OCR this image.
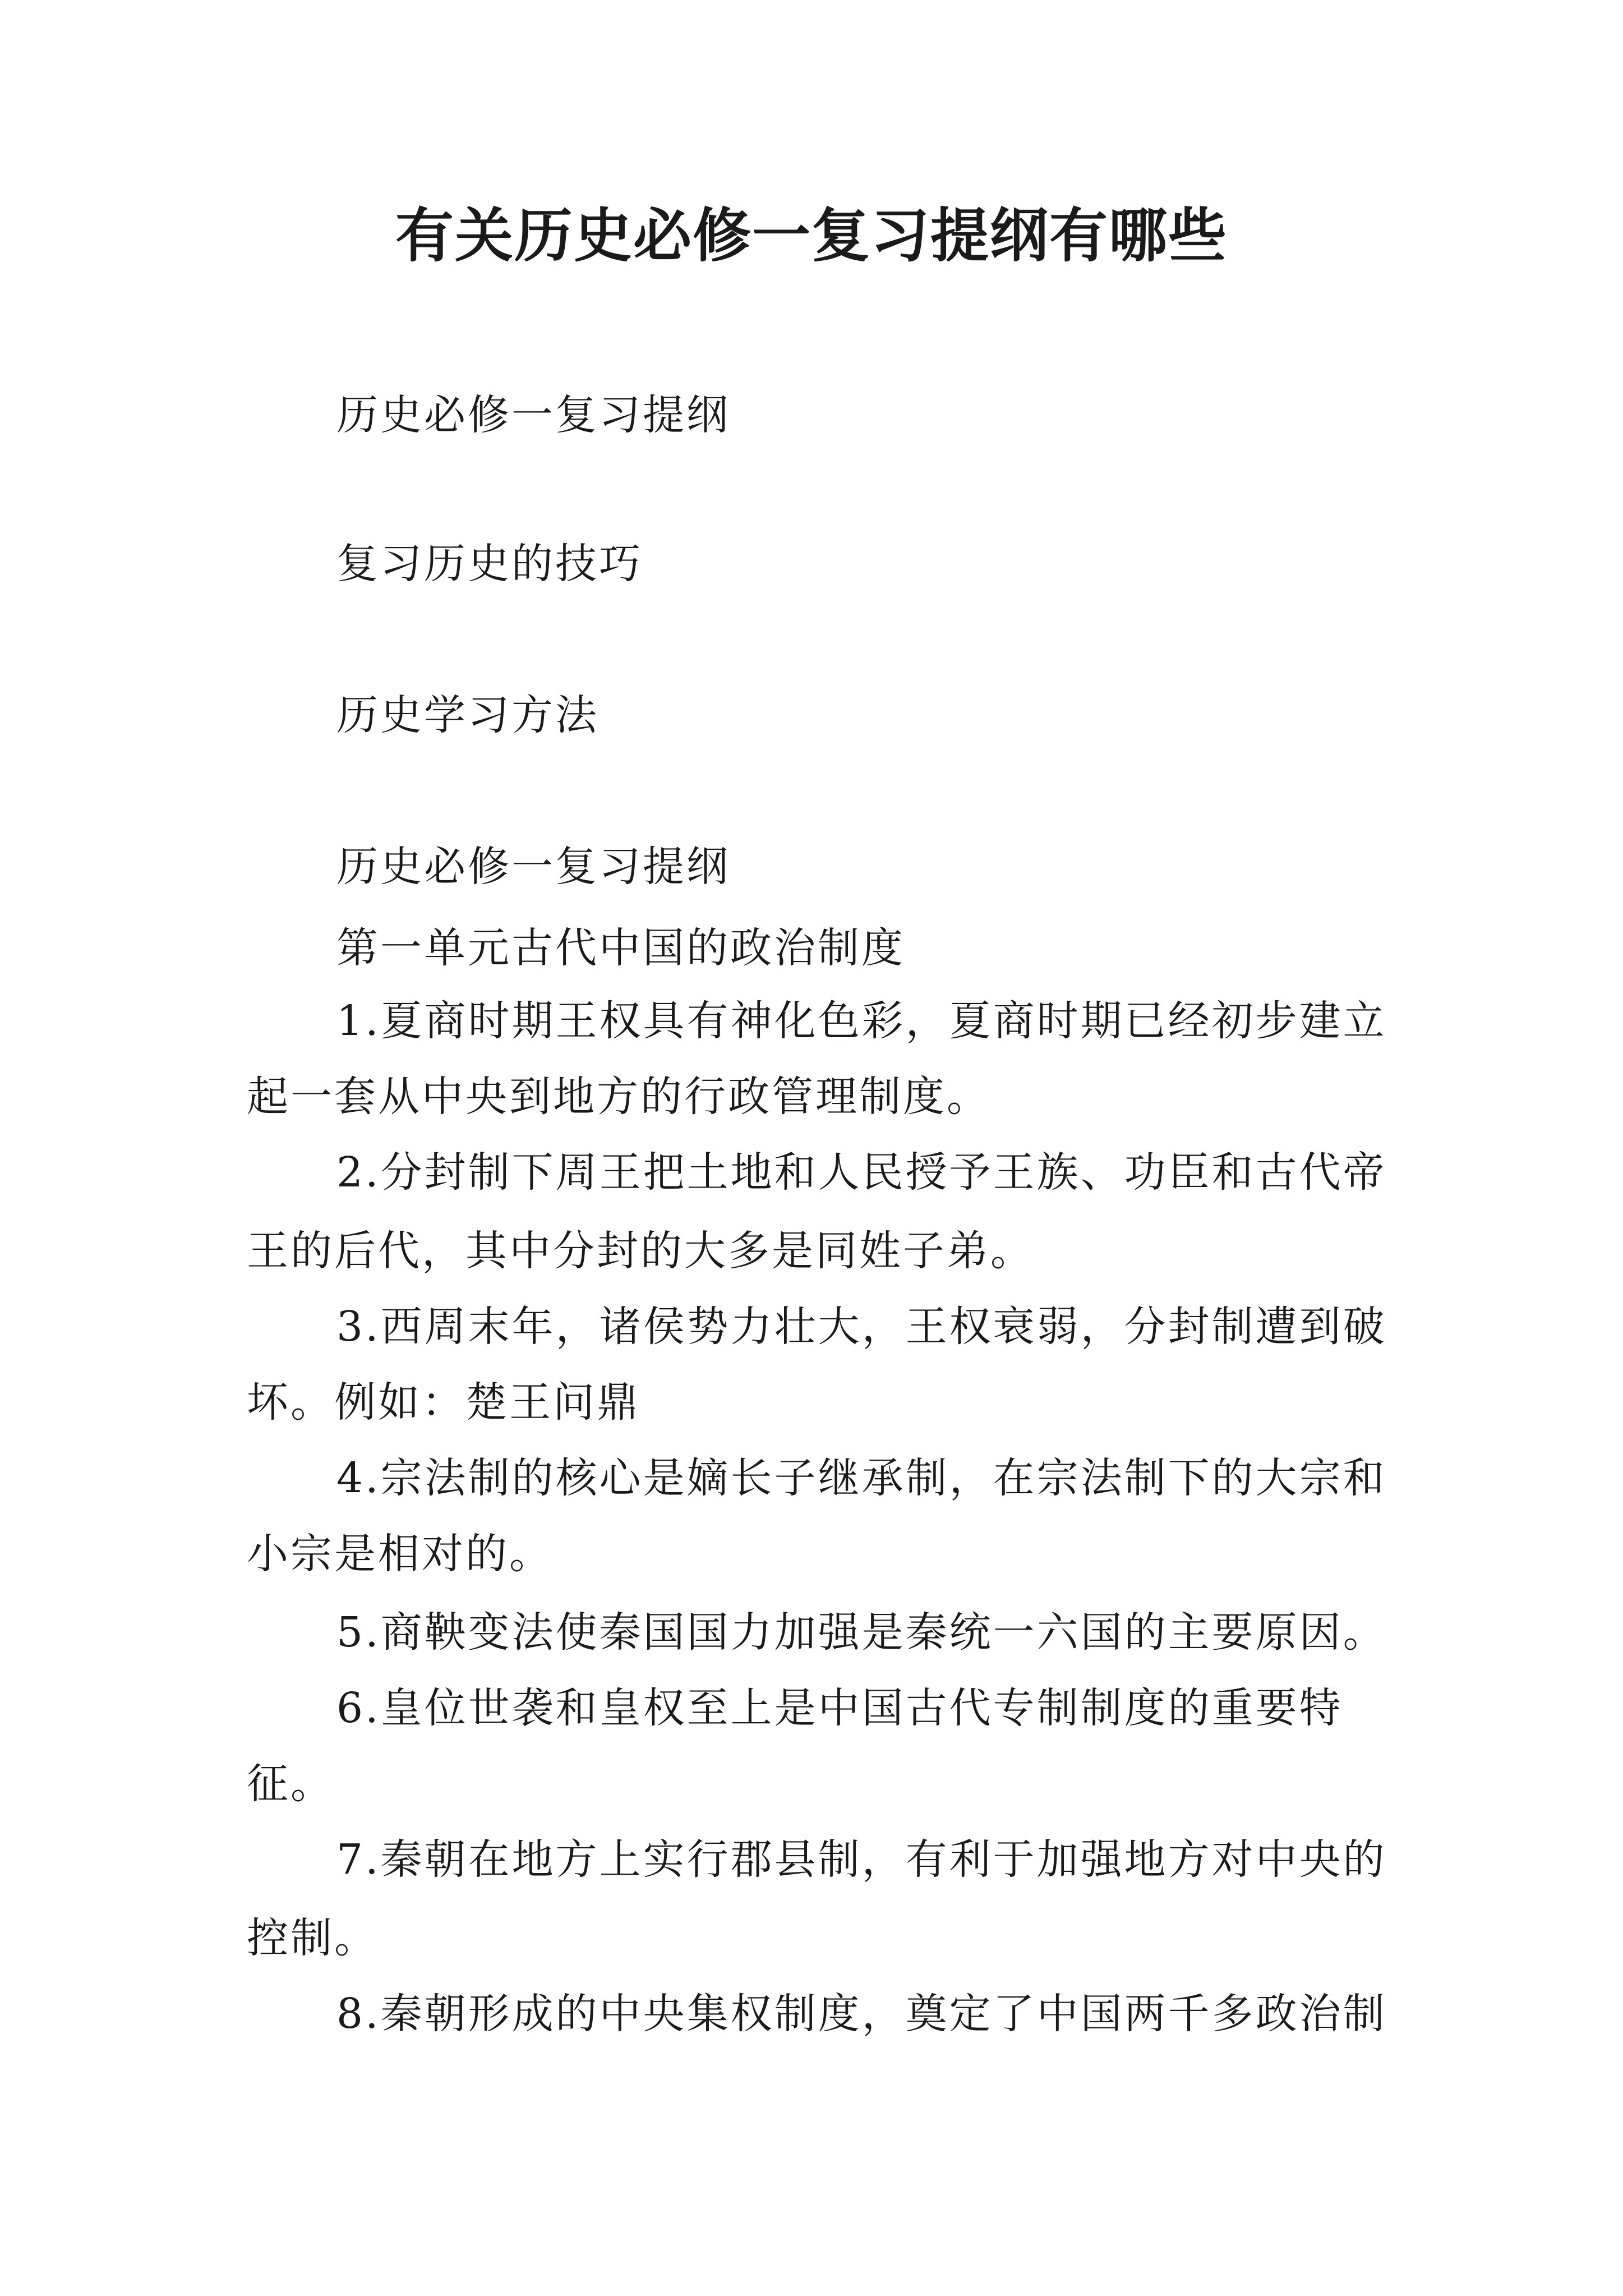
有关历史必修一复习提纲有哪些
历史必修一复习提纲
复习历史的技巧
历史学习方法
历史必修一复习提纲
第一单元古代中国的政治制度
1.夏商时期王权具有神化色彩，夏商时期已经初步建立
起一套从中央到地方的行政管理制度。
2.分封制下周王把土地和人民授予王族、功臣和古代帝
王的后代，其中分封的大多是同姓子弟。
3.西周末年，诸侯势力壮大，王权衰弱，分封制遭到破
坏。例如：楚王问鼎
4.宗法制的核心是嫡长子继承制，在宗法制下的大宗和
小宗是相对的。
5.商鞅变法使秦国国力加强是秦统一六国的主要原因。
6.皇位世袭和皇权至上是中国古代专制制度的重要特
征。
7.秦朝在地方上实行郡县制，有利于加强地方对中央的
控制。
8.秦朝形成的中央集权制度，奠定了中国两千多政治制
